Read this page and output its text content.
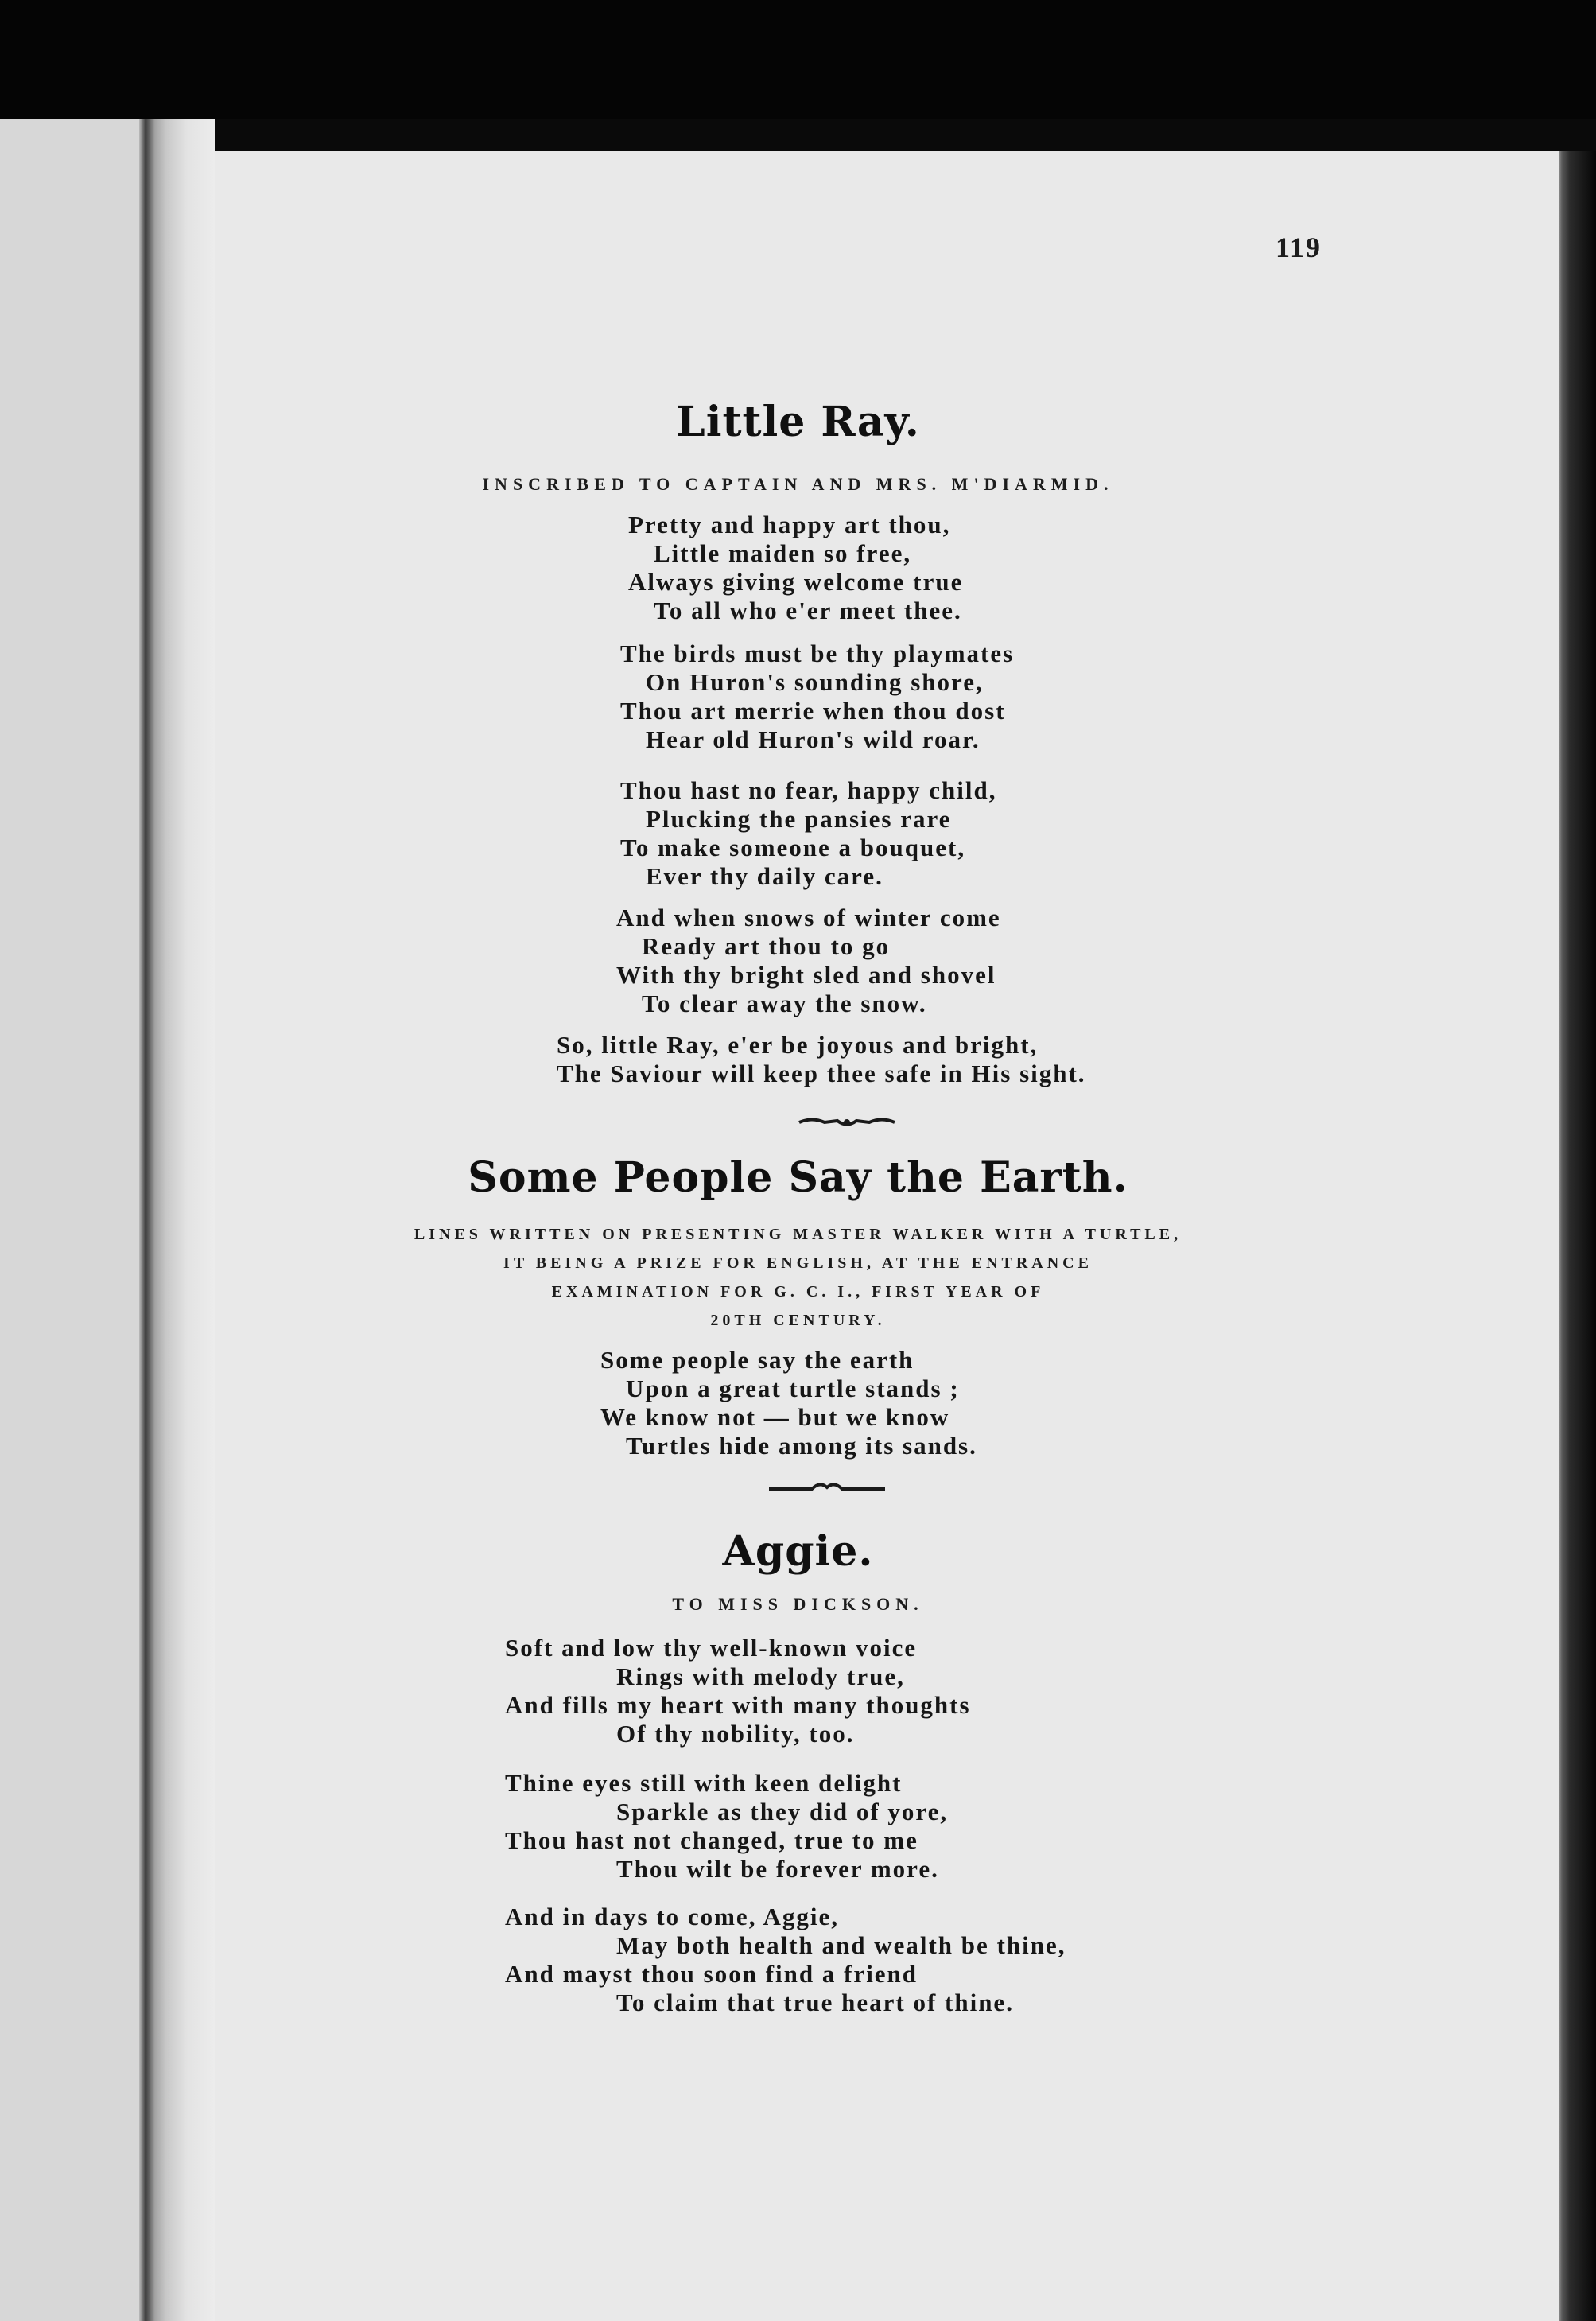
119
Little Ray.
INSCRIBED TO CAPTAIN AND MRS. M'DIARMID.
Pretty and happy art thou,
Little maiden so free,
Always giving welcome true
To all who e'er meet thee.
The birds must be thy playmates
On Huron's sounding shore,
Thou art merrie when thou dost
Hear old Huron's wild roar.
Thou hast no fear, happy child,
Plucking the pansies rare
To make someone a bouquet,
Ever thy daily care.
And when snows of winter come
Ready art thou to go
With thy bright sled and shovel
To clear away the snow.
So, little Ray, e'er be joyous and bright,
The Saviour will keep thee safe in His sight.
Some People Say the Earth.
LINES WRITTEN ON PRESENTING MASTER WALKER WITH A TURTLE,
IT BEING A PRIZE FOR ENGLISH, AT THE ENTRANCE
EXAMINATION FOR G. C. I., FIRST YEAR OF
20TH CENTURY.
Some people say the earth
Upon a great turtle stands ;
We know not — but we know
Turtles hide among its sands.
Aggie.
TO MISS DICKSON.
Soft and low thy well-known voice
Rings with melody true,
And fills my heart with many thoughts
Of thy nobility, too.
Thine eyes still with keen delight
Sparkle as they did of yore,
Thou hast not changed, true to me
Thou wilt be forever more.
And in days to come, Aggie,
May both health and wealth be thine,
And mayst thou soon find a friend
To claim that true heart of thine.
